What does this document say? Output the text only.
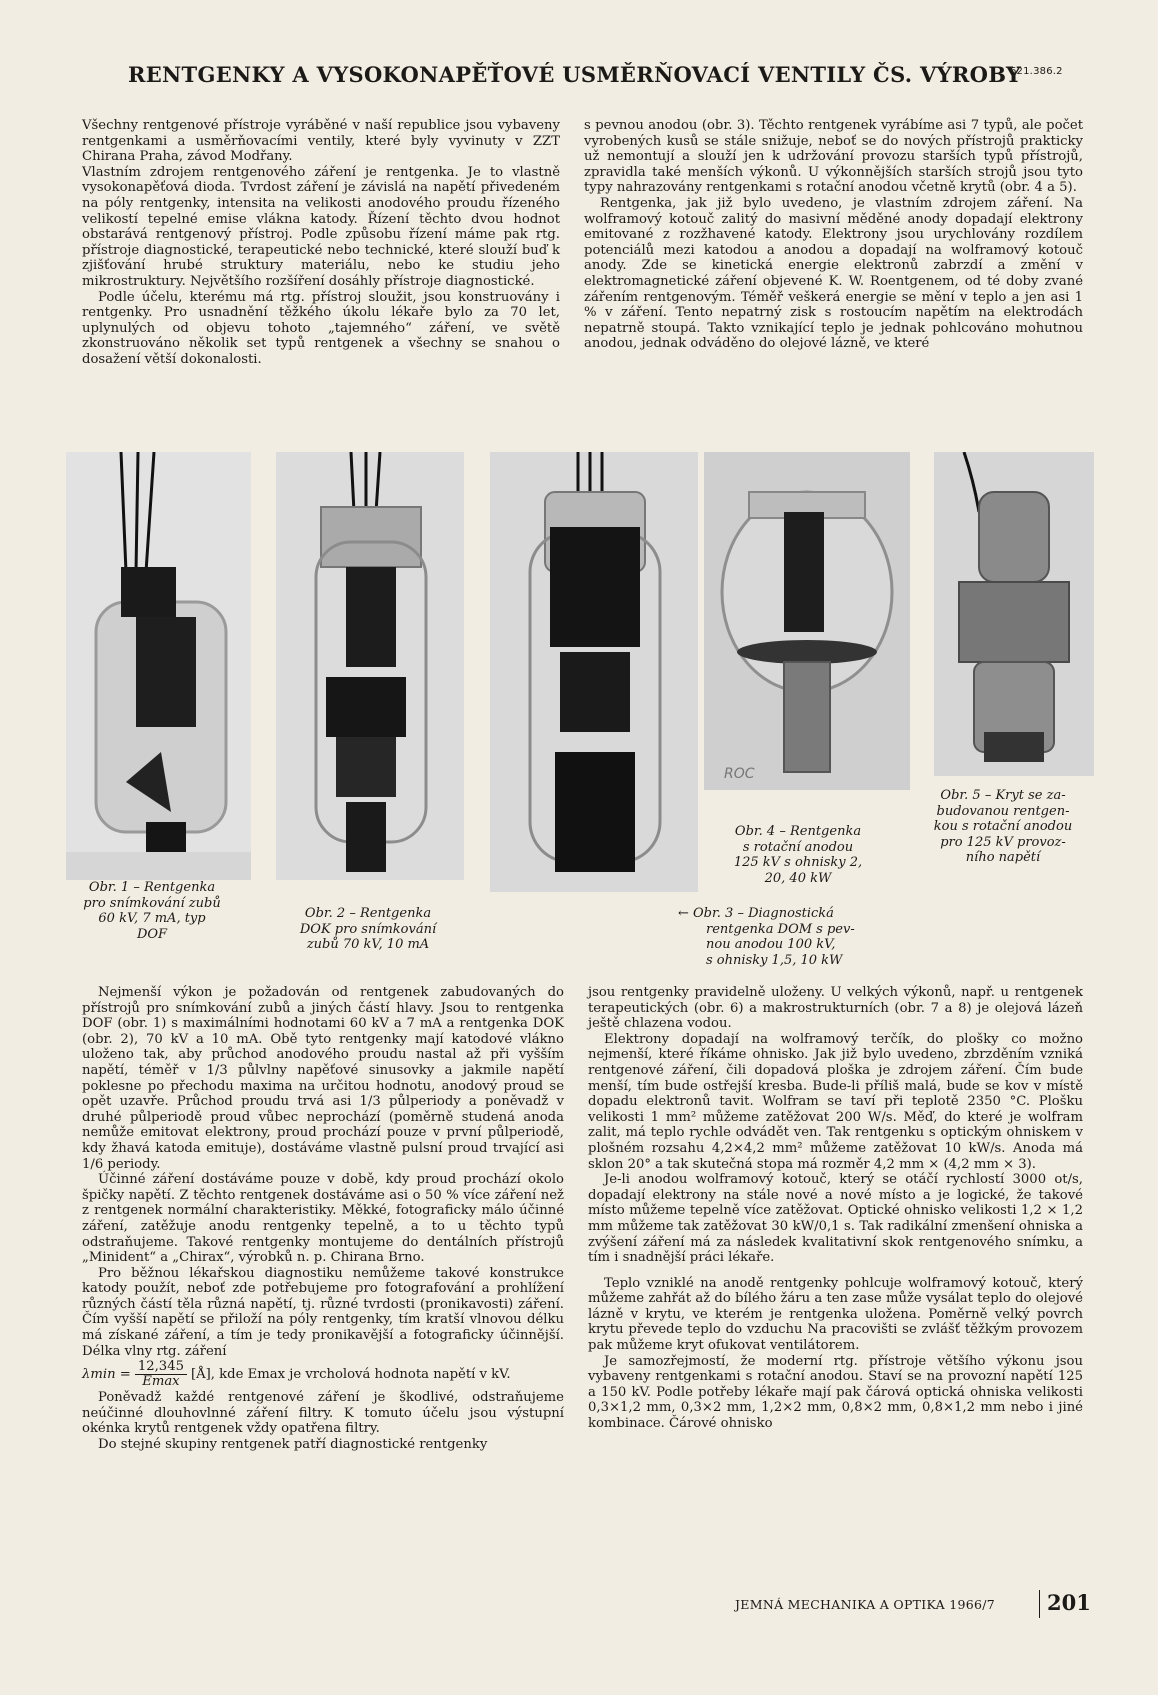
RENTGENKY A VYSOKONAPĚŤOVÉ USMĚRŇOVACÍ VENTILY ČS. VÝROBY
621.386.2

Všechny rentgenové přístroje vyráběné v naší republice jsou vybaveny rentgenkami a usměrňovacími ventily, které byly vyvinuty v ZZT Chirana Praha, závod Modřany.

Vlastním zdrojem rentgenového záření je rentgenka. Je to vlastně vysokonapěťová dioda. Tvrdost záření je závislá na napětí přivedeném na póly rentgenky, intensita na velikosti anodového proudu řízeného velikostí tepelné emise vlákna katody. Řízení těchto dvou hodnot obstarává rentgenový přístroj. Podle způsobu řízení máme pak rtg. přístroje diagnostické, terapeutické nebo technické, které slouží buď k zjišťování hrubé struktury materiálu, nebo ke studiu jeho mikrostruktury. Největšího rozšíření dosáhly přístroje diagnostické.

Podle účelu, kterému má rtg. přístroj sloužit, jsou konstruovány i rentgenky. Pro usnadnění těžkého úkolu lékaře bylo za 70 let, uplynulých od objevu tohoto „tajemného“ záření, ve světě zkonstruováno několik set typů rentgenek a všechny se snahou o dosažení větší dokonalosti.

s pevnou anodou (obr. 3). Těchto rentgenek vyrábíme asi 7 typů, ale počet vyrobených kusů se stále snižuje, neboť se do nových přístrojů prakticky už nemontují a slouží jen k udržování provozu starších typů přístrojů, zpravidla také menších výkonů. U výkonnějších starších strojů jsou tyto typy nahrazovány rentgenkami s rotační anodou včetně krytů (obr. 4 a 5).

Rentgenka, jak již bylo uvedeno, je vlastním zdrojem záření. Na wolframový kotouč zalitý do masivní měděné anody dopadají elektrony emitované z rozžhavené katody. Elektrony jsou urychlovány rozdílem potenciálů mezi katodou a anodou a dopadají na wolframový kotouč anody. Zde se kinetická energie elektronů zabrzdí a změní v elektromagnetické záření objevené K. W. Roentgenem, od té doby zvané zářením rentgenovým. Téměř veškerá energie se mění v teplo a jen asi 1 % v záření. Tento nepatrný zisk s rostoucím napětím na elektrodách nepatrně stoupá. Takto vznikající teplo je jednak pohlcováno mohutnou anodou, jednak odváděno do olejové lázně, ve které

ROC
Obr. 1 – Rentgenka
pro snímkování zubů
60 kV, 7 mA, typ
DOF
Obr. 2 – Rentgenka
DOK pro snímkování
zubů 70 kV, 10 mA
← Obr. 3 – Diagnostická
rentgenka DOM s pev-
nou anodou 100 kV,
s ohnisky 1,5, 10 kW
Obr. 4 – Rentgenka
s rotační anodou
125 kV s ohnisky 2,
20, 40 kW
Obr. 5 – Kryt se za-
budovanou rentgen-
kou s rotační anodou
pro 125 kV provoz-
ního napětí

Nejmenší výkon je požadován od rentgenek zabudovaných do přístrojů pro snímkování zubů a jiných částí hlavy. Jsou to rentgenka DOF (obr. 1) s maximálními hodnotami 60 kV a 7 mA a rentgenka DOK (obr. 2), 70 kV a 10 mA. Obě tyto rentgenky mají katodové vlákno uloženo tak, aby průchod anodového proudu nastal až při vyšším napětí, téměř v 1/3 půlvlny napěťové sinusovky a jakmile napětí poklesne po přechodu maxima na určitou hodnotu, anodový proud se opět uzavře. Průchod proudu trvá asi 1/3 půlperiody a poněvadž v druhé půlperiodě proud vůbec neprochází (poměrně studená anoda nemůže emitovat elektrony, proud prochází pouze v první půlperiodě, kdy žhavá katoda emituje), dostáváme vlastně pulsní proud trvající asi 1/6 periody.

Účinné záření dostáváme pouze v době, kdy proud prochází okolo špičky napětí. Z těchto rentgenek dostáváme asi o 50 % více záření než z rentgenek normální charakteristiky. Měkké, fotograficky málo účinné záření, zatěžuje anodu rentgenky tepelně, a to u těchto typů odstraňujeme. Takové rentgenky montujeme do dentálních přístrojů „Minident“ a „Chirax“, výrobků n. p. Chirana Brno.

Pro běžnou lékařskou diagnostiku nemůžeme takové konstrukce katody použít, neboť zde potřebujeme pro fotografování a prohlížení různých částí těla různá napětí, tj. různé tvrdosti (pronikavosti) záření. Čím vyšší napětí se přiloží na póly rentgenky, tím kratší vlnovou délku má získané záření, a tím je tedy pronikavější a fotograficky účinnější. Délka vlny rtg. záření

$\lambda\min = \frac{12,345}{Emax}$ [Å], kde Emax je vrcholová hodnota napětí v kV.

Poněvadž každé rentgenové záření je škodlivé, odstraňujeme neúčinné dlouhovlnné záření filtry. K tomuto účelu jsou výstupní okénka krytů rentgenek vždy opatřena filtry.

Do stejné skupiny rentgenek patří diagnostické rentgenky

jsou rentgenky pravidelně uloženy. U velkých výkonů, např. u rentgenek terapeutických (obr. 6) a makrostrukturních (obr. 7 a 8) je olejová lázeň ještě chlazena vodou.

Elektrony dopadají na wolframový terčík, do plošky co možno nejmenší, které říkáme ohnisko. Jak již bylo uvedeno, zbrzděním vzniká rentgenové záření, čili dopadová ploška je zdrojem záření. Čím bude menší, tím bude ostřejší kresba. Bude-li příliš malá, bude se kov v místě dopadu elektronů tavit. Wolfram se taví při teplotě 2350 °C. Plošku velikosti 1 mm² můžeme zatěžovat 200 W/s. Měď, do které je wolfram zalit, má teplo rychle odvádět ven. Tak rentgenku s optickým ohniskem v plošném rozsahu 4,2×4,2 mm² můžeme zatěžovat 10 kW/s. Anoda má sklon 20° a tak skutečná stopa má rozměr 4,2 mm × (4,2 mm × 3).

Je-li anodou wolframový kotouč, který se otáčí rychlostí 3000 ot/s, dopadají elektrony na stále nové a nové místo a je logické, že takové místo můžeme tepelně více zatěžovat. Optické ohnisko velikosti 1,2 × 1,2 mm můžeme tak zatěžovat 30 kW/0,1 s. Tak radikální zmenšení ohniska a zvýšení záření má za následek kvalitativní skok rentgenového snímku, a tím i snadnější práci lékaře.

Teplo vzniklé na anodě rentgenky pohlcuje wolframový kotouč, který můžeme zahřát až do bílého žáru a ten zase může vysálat teplo do olejové lázně v krytu, ve kterém je rentgenka uložena. Poměrně velký povrch krytu převede teplo do vzduchu Na pracovišti se zvlášť těžkým provozem pak můžeme kryt ofukovat ventilátorem.

Je samozřejmostí, že moderní rtg. přístroje většího výkonu jsou vybaveny rentgenkami s rotační anodou. Staví se na provozní napětí 125 a 150 kV. Podle potřeby lékaře mají pak čárová optická ohniska velikosti 0,3×1,2 mm, 0,3×2 mm, 1,2×2 mm, 0,8×2 mm, 0,8×1,2 mm nebo i jiné kombinace. Čárové ohnisko

JEMNÁ MECHANIKA A OPTIKA 1966/7 201
